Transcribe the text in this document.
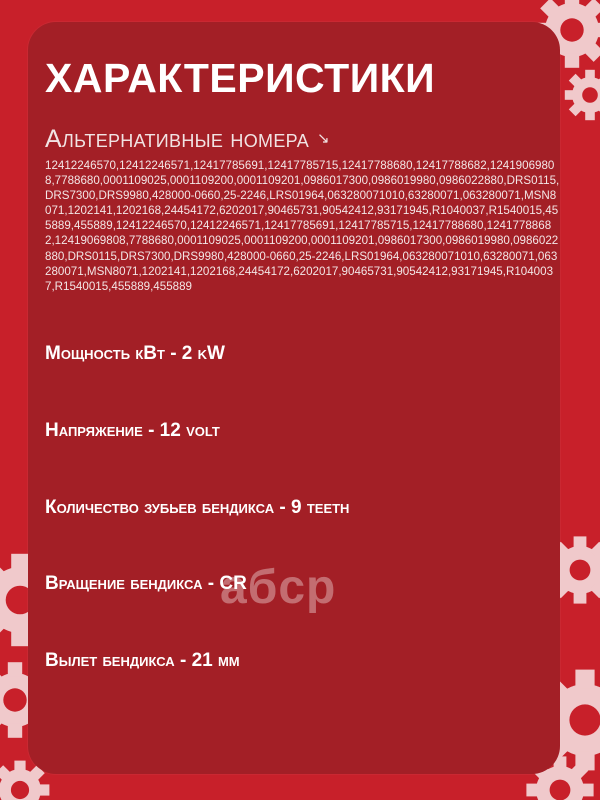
ХАРАКТЕРИСТИКИ
Альтернативные номера ↘

12412246570,12412246571,12417785691,12417785715,12417788680,12417788682,12419069808,7788680,0001109025,0001109200,0001109201,0986017300,0986019980,0986022880,DRS0115,DRS7300,DRS9980,428000-0660,25-2246,LRS01964,063280071010,63280071,063280071,MSN8071,1202141,1202168,24454172,6202017,90465731,90542412,93171945,R1040037,R1540015,455889,455889,12412246570,12412246571,12417785691,12417785715,12417788680,12417788682,12419069808,7788680,0001109025,0001109200,0001109201,0986017300,0986019980,0986022880,DRS0115,DRS7300,DRS9980,428000-0660,25-2246,LRS01964,063280071010,63280071,063280071,MSN8071,1202141,1202168,24454172,6202017,90465731,90542412,93171945,R1040037,R1540015,455889,455889

Мощность кВт - 2 kW
Напряжение - 12 volt
Количество зубьев бендикса - 9 teeth
Вращение бендикса - CR
Вылет бендикса - 21 мм
aбcp
